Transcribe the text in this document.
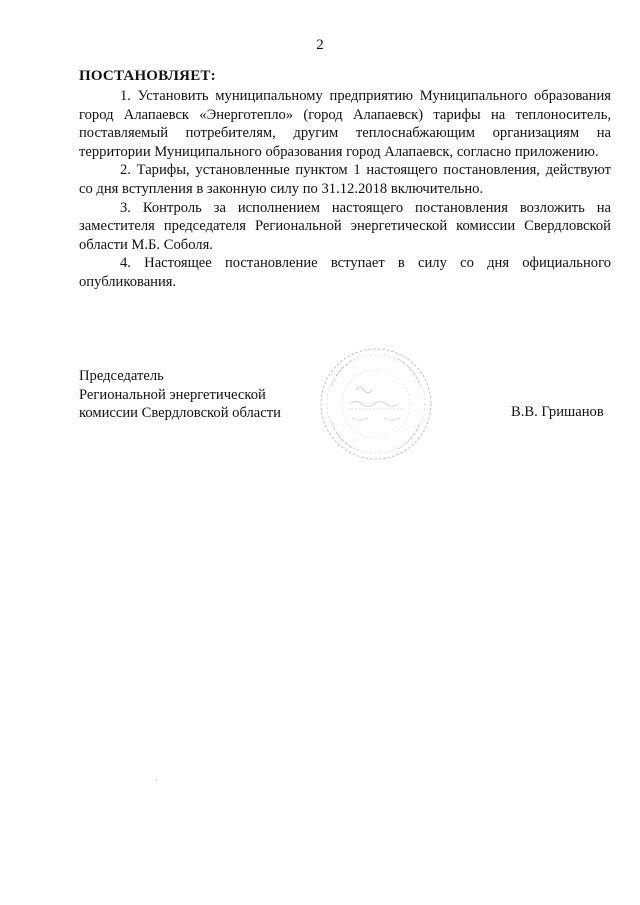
2
ПОСТАНОВЛЯЕТ:

1. Установить муниципальному предприятию Муниципального образования город Алапаевск «Энерготепло» (город Алапаевск) тарифы на теплоноситель, поставляемый потребителям, другим теплоснабжающим организациям на территории Муниципального образования город Алапаевск, согласно приложению.

2. Тарифы, установленные пунктом 1 настоящего постановления, действуют со дня вступления в законную силу по 31.12.2018 включительно.

3. Контроль за исполнением настоящего постановления возложить на заместителя председателя Региональной энергетической комиссии Свердловской области М.Б. Соболя.

4. Настоящее постановление вступает в силу со дня официального опубликования.

Председатель
Региональной энергетической
комиссии Свердловской области	В.В. Гришанов
